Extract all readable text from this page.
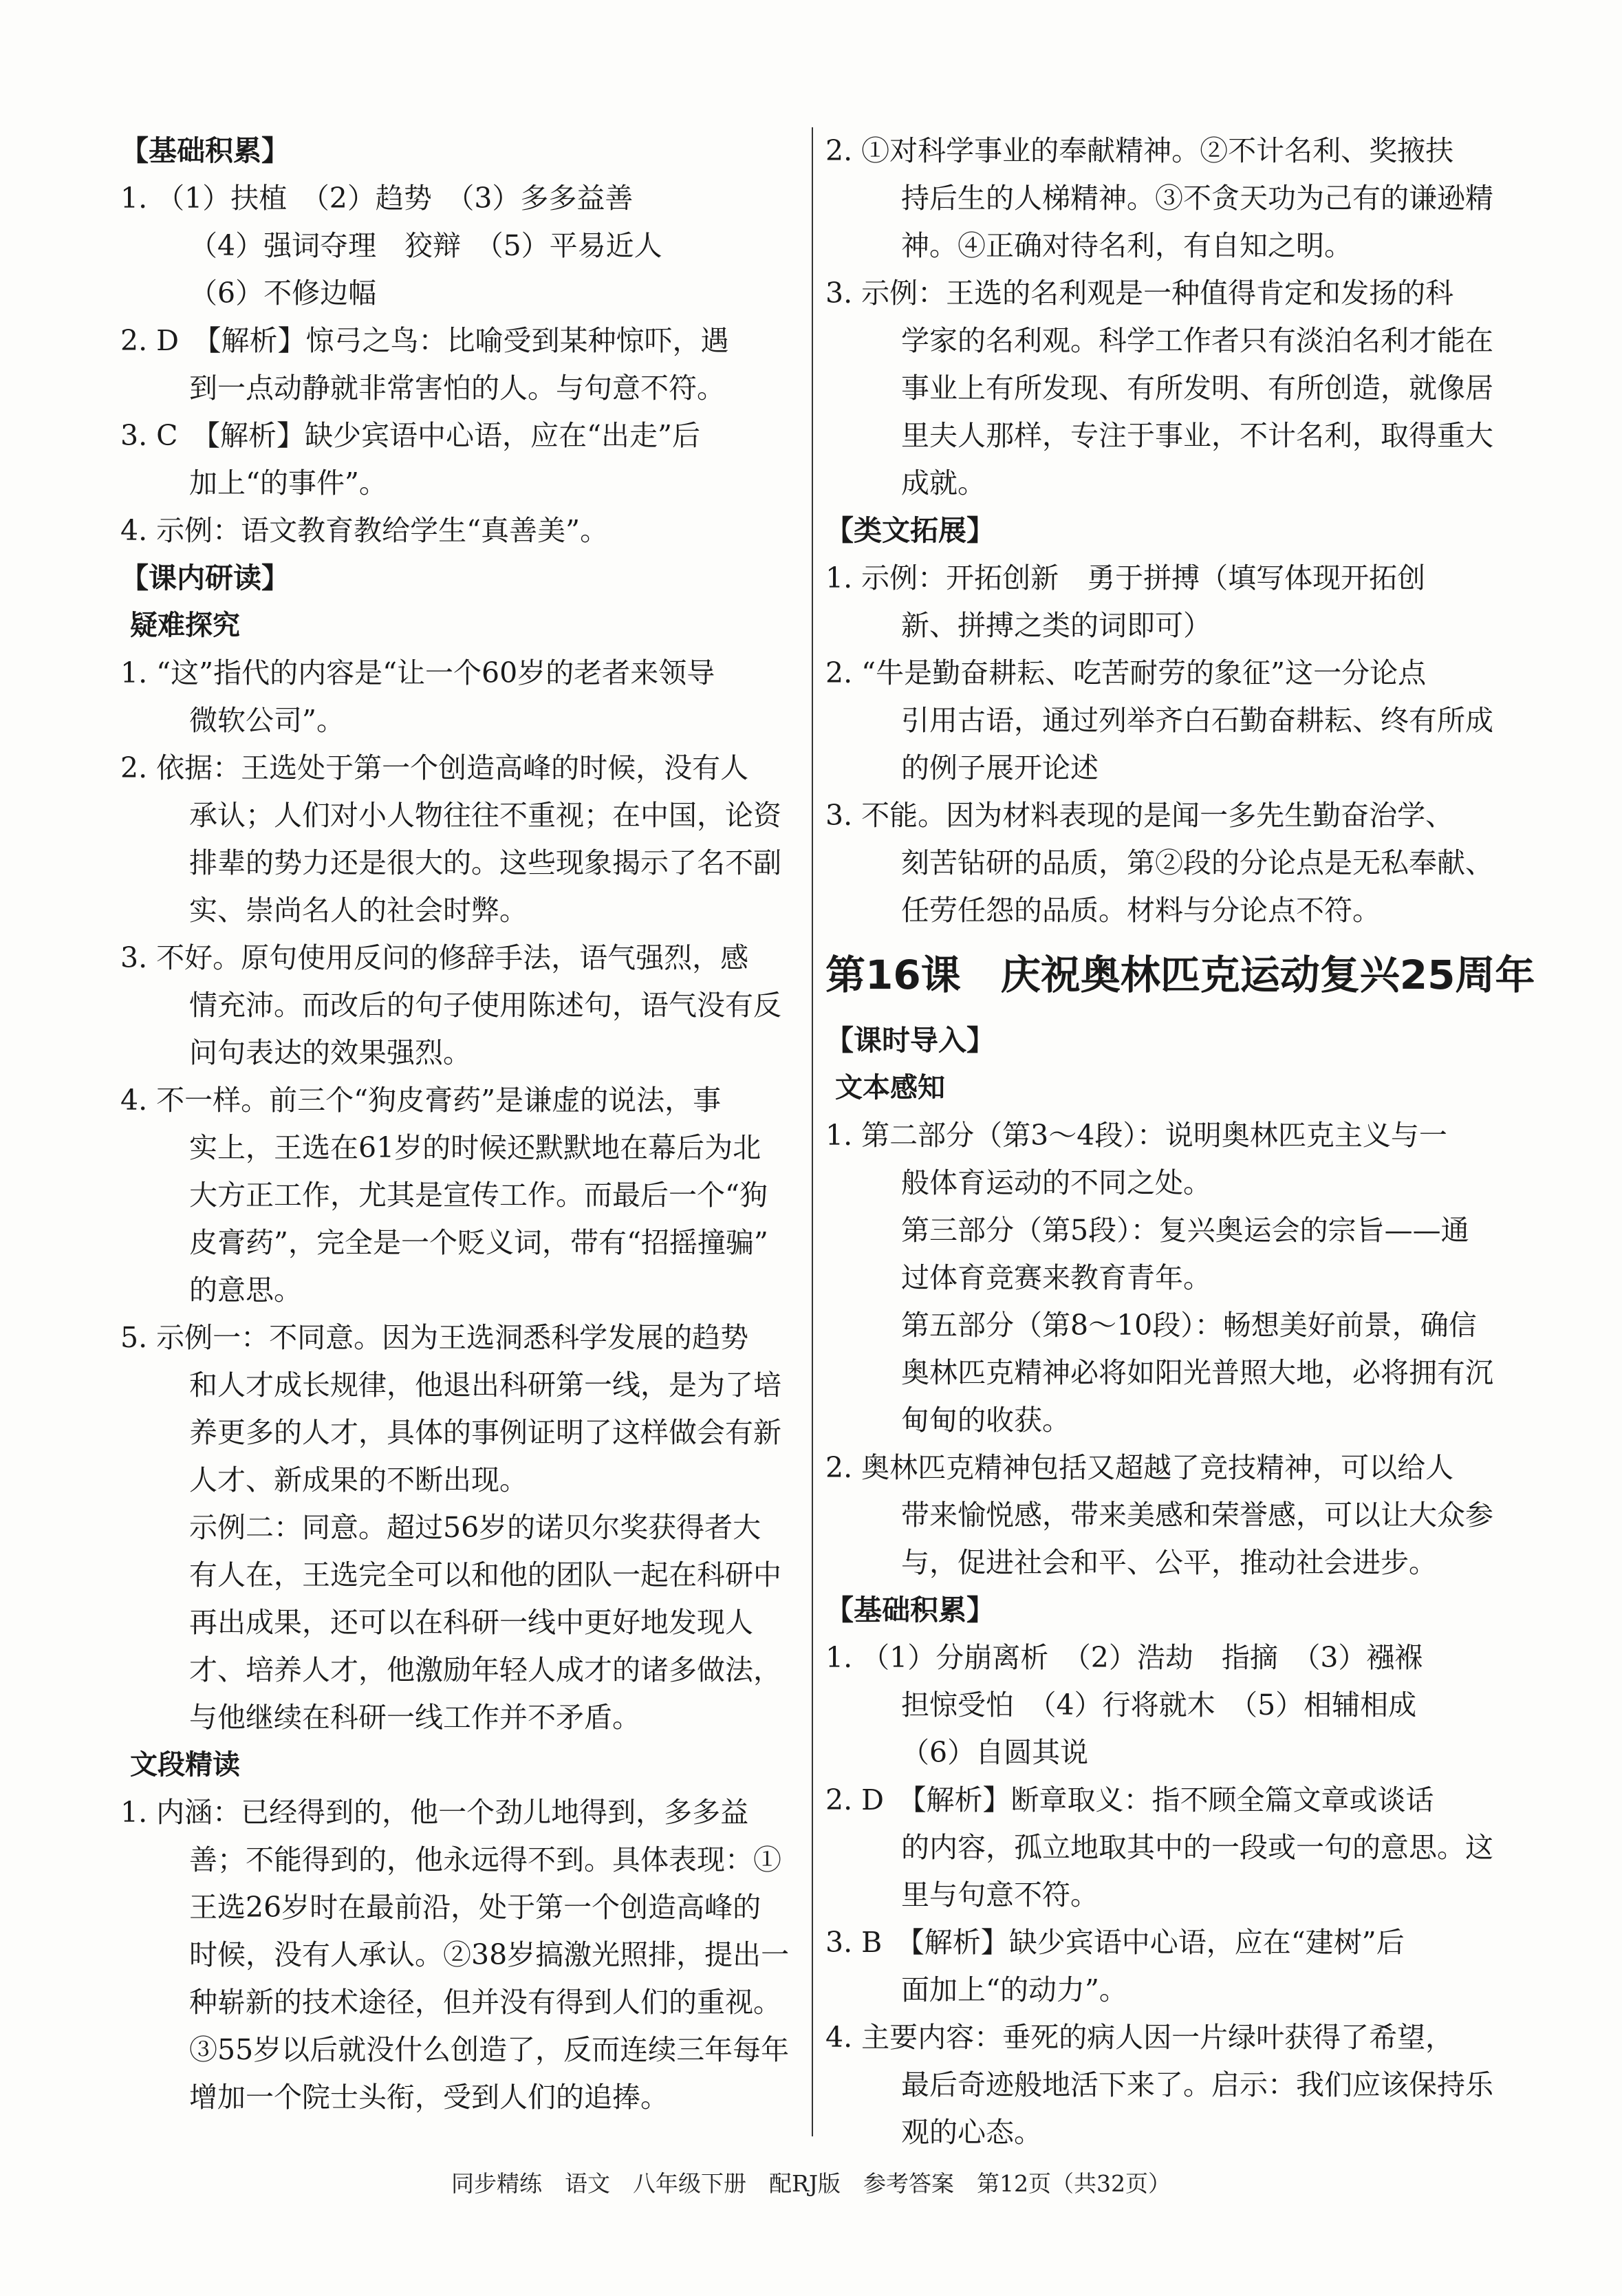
【基础积累】
1. （1）扶植　（2）趋势　（3）多多益善
（4）强词夺理　狡辩　（5）平易近人
（6）不修边幅
2. D　【解析】惊弓之鸟：比喻受到某种惊吓，遇
到一点动静就非常害怕的人。与句意不符。
3. C　【解析】缺少宾语中心语，应在“出走”后
加上“的事件”。
4. 示例：语文教育教给学生“真善美”。
【课内研读】
疑难探究
1. “这”指代的内容是“让一个60岁的老者来领导
微软公司”。
2. 依据：王选处于第一个创造高峰的时候，没有人
承认；人们对小人物往往不重视；在中国，论资
排辈的势力还是很大的。这些现象揭示了名不副
实、崇尚名人的社会时弊。
3. 不好。原句使用反问的修辞手法，语气强烈，感
情充沛。而改后的句子使用陈述句，语气没有反
问句表达的效果强烈。
4. 不一样。前三个“狗皮膏药”是谦虚的说法，事
实上，王选在61岁的时候还默默地在幕后为北
大方正工作，尤其是宣传工作。而最后一个“狗
皮膏药”，完全是一个贬义词，带有“招摇撞骗”
的意思。
5. 示例一：不同意。因为王选洞悉科学发展的趋势
和人才成长规律，他退出科研第一线，是为了培
养更多的人才，具体的事例证明了这样做会有新
人才、新成果的不断出现。
示例二：同意。超过56岁的诺贝尔奖获得者大
有人在，王选完全可以和他的团队一起在科研中
再出成果，还可以在科研一线中更好地发现人
才、培养人才，他激励年轻人成才的诸多做法，
与他继续在科研一线工作并不矛盾。
文段精读
1. 内涵：已经得到的，他一个劲儿地得到，多多益
善；不能得到的，他永远得不到。具体表现：①
王选26岁时在最前沿，处于第一个创造高峰的
时候，没有人承认。②38岁搞激光照排，提出一
种崭新的技术途径，但并没有得到人们的重视。
③55岁以后就没什么创造了，反而连续三年每年
增加一个院士头衔，受到人们的追捧。
2. ①对科学事业的奉献精神。②不计名利、奖掖扶
持后生的人梯精神。③不贪天功为己有的谦逊精
神。④正确对待名利，有自知之明。
3. 示例：王选的名利观是一种值得肯定和发扬的科
学家的名利观。科学工作者只有淡泊名利才能在
事业上有所发现、有所发明、有所创造，就像居
里夫人那样，专注于事业，不计名利，取得重大
成就。
【类文拓展】
1. 示例：开拓创新　勇于拼搏（填写体现开拓创
新、拼搏之类的词即可）
2. “牛是勤奋耕耘、吃苦耐劳的象征”这一分论点
引用古语，通过列举齐白石勤奋耕耘、终有所成
的例子展开论述
3. 不能。因为材料表现的是闻一多先生勤奋治学、
刻苦钻研的品质，第②段的分论点是无私奉献、
任劳任怨的品质。材料与分论点不符。
第16课　庆祝奥林匹克运动复兴25周年
【课时导入】
文本感知
1. 第二部分（第3～4段）：说明奥林匹克主义与一
般体育运动的不同之处。
第三部分（第5段）：复兴奥运会的宗旨——通
过体育竞赛来教育青年。
第五部分（第8～10段）：畅想美好前景，确信
奥林匹克精神必将如阳光普照大地，必将拥有沉
甸甸的收获。
2. 奥林匹克精神包括又超越了竞技精神，可以给人
带来愉悦感，带来美感和荣誉感，可以让大众参
与，促进社会和平、公平，推动社会进步。
【基础积累】
1. （1）分崩离析　（2）浩劫　指摘　（3）襁褓
担惊受怕　（4）行将就木　（5）相辅相成
（6）自圆其说
2. D　【解析】断章取义：指不顾全篇文章或谈话
的内容，孤立地取其中的一段或一句的意思。这
里与句意不符。
3. B　【解析】缺少宾语中心语，应在“建树”后
面加上“的动力”。
4. 主要内容：垂死的病人因一片绿叶获得了希望，
最后奇迹般地活下来了。启示：我们应该保持乐
观的心态。
同步精练　语文　八年级下册　配RJ版　参考答案　第12页（共32页）
